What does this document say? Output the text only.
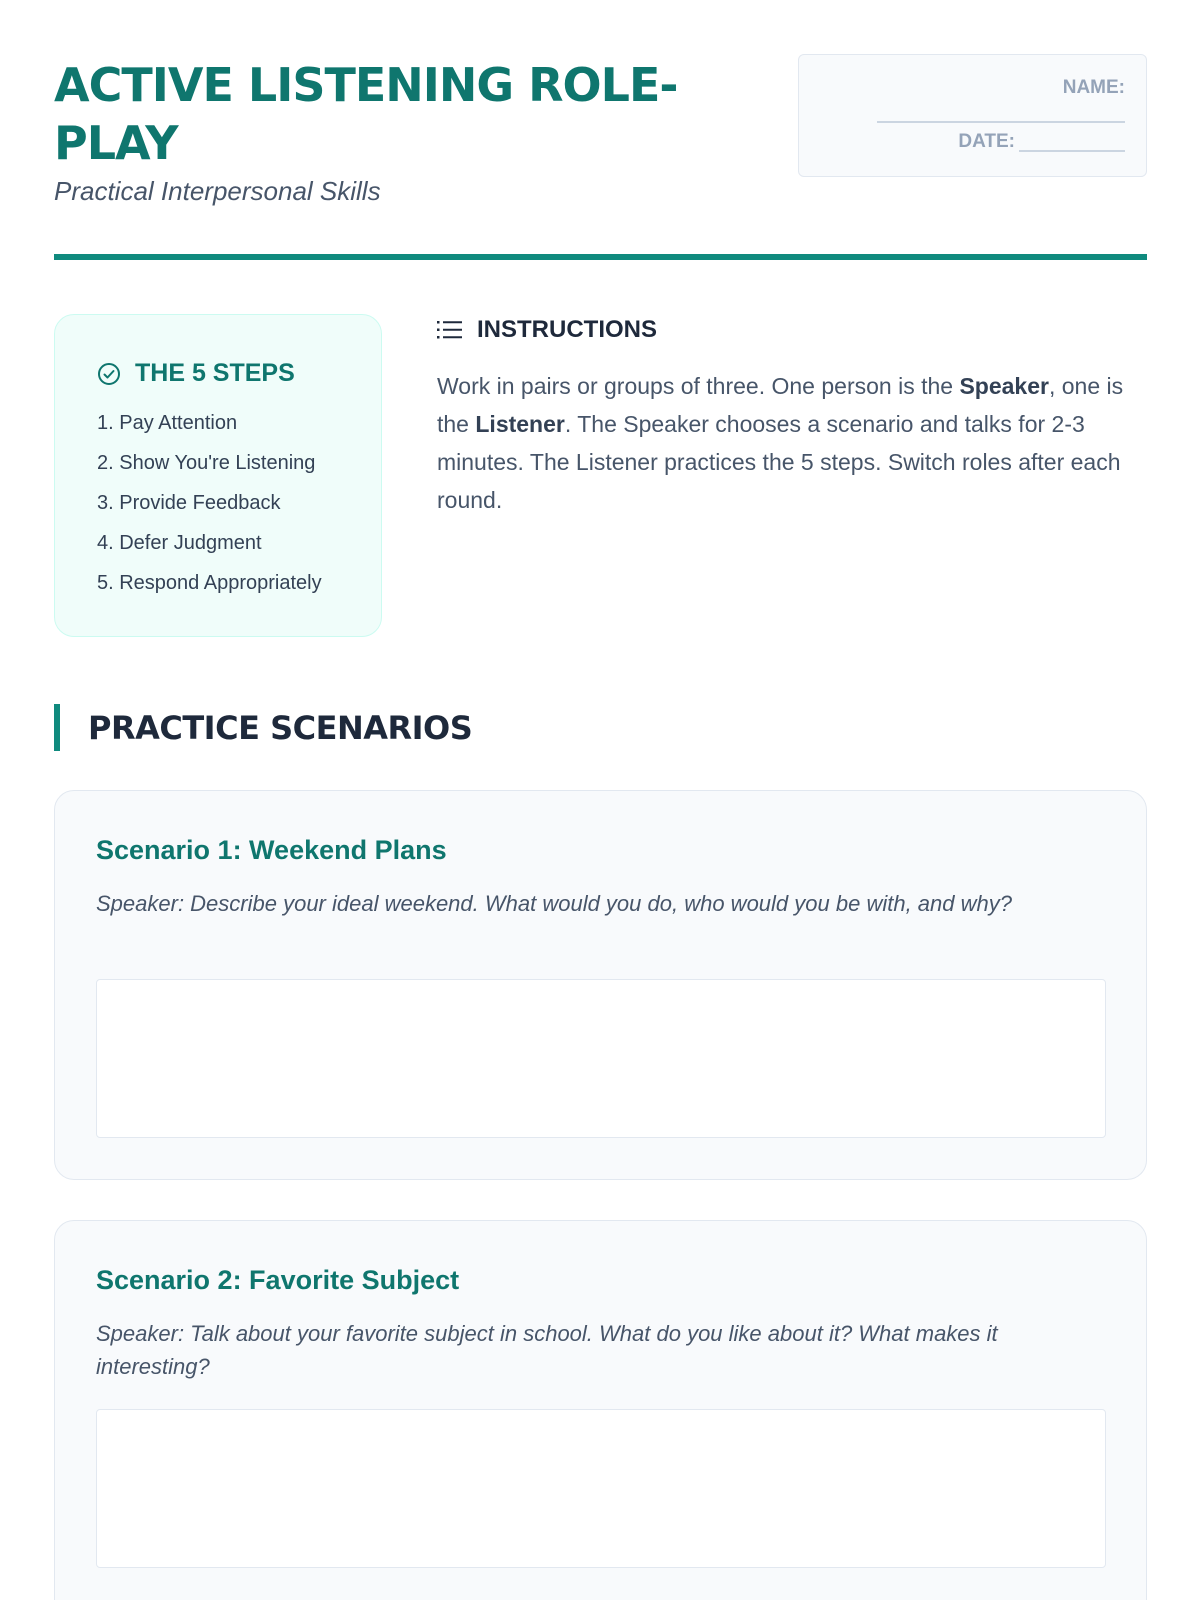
ACTIVE LISTENING ROLE-PLAY
Practical Interpersonal Skills
NAME:
DATE:
THE 5 STEPS
1. Pay Attention
2. Show You're Listening
3. Provide Feedback
4. Defer Judgment
5. Respond Appropriately
INSTRUCTIONS

Work in pairs or groups of three. One person is the Speaker, one is the Listener. The Speaker chooses a scenario and talks for 2-3 minutes. The Listener practices the 5 steps. Switch roles after each round.

PRACTICE SCENARIOS
Scenario 1: Weekend Plans

Speaker: Describe your ideal weekend. What would you do, who would you be with, and why?

Scenario 2: Favorite Subject

Speaker: Talk about your favorite subject in school. What do you like about it? What makes it interesting?
